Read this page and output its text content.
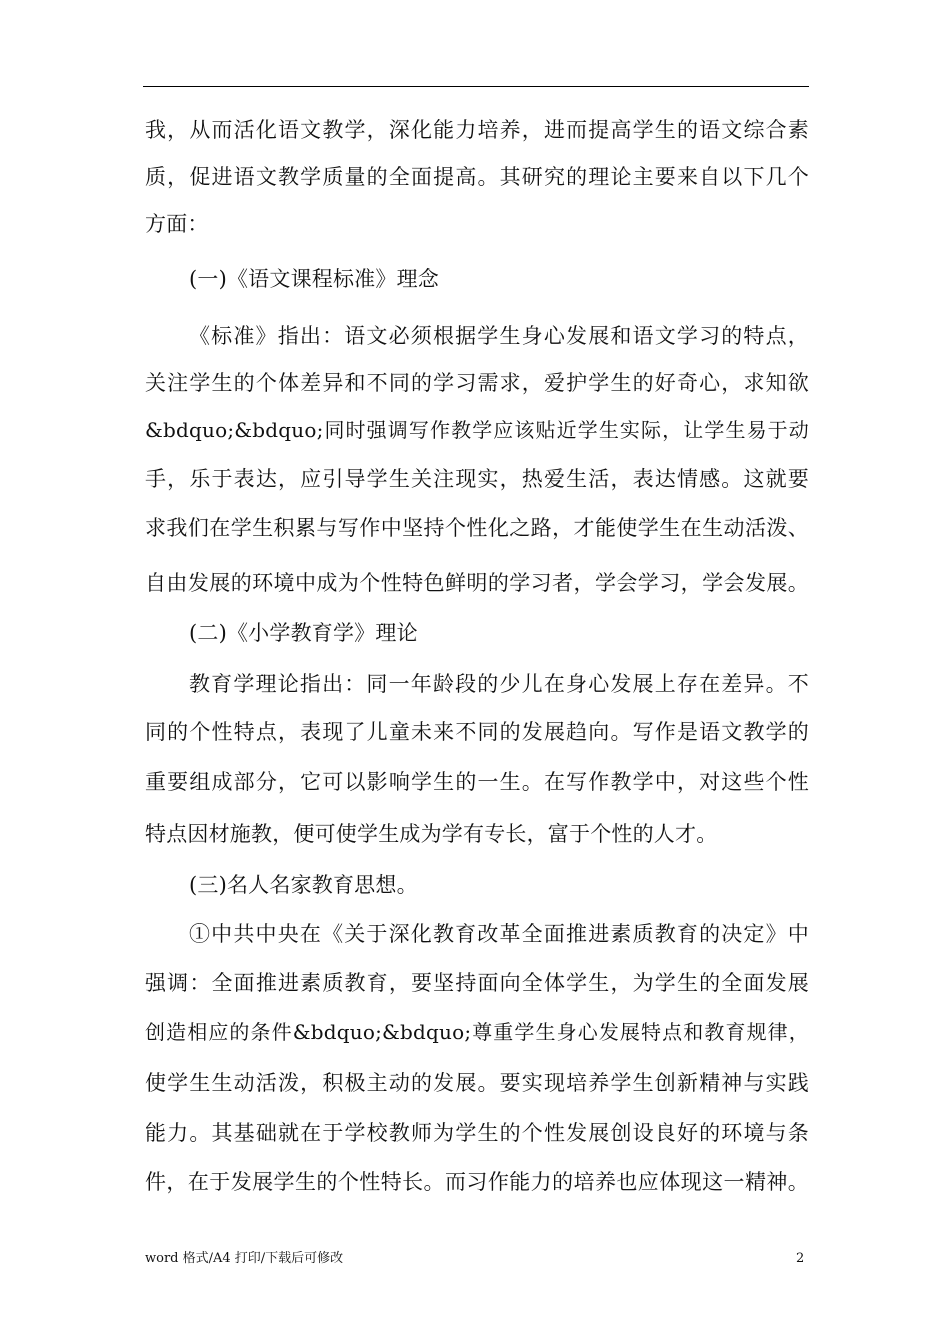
我，从而活化语文教学，深化能力培养，进而提高学生的语文综合素
质，促进语文教学质量的全面提高。其研究的理论主要来自以下几个
方面：
(一)《语文课程标准》理念
《标准》指出：语文必须根据学生身心发展和语文学习的特点，
关注学生的个体差异和不同的学习需求，爱护学生的好奇心，求知欲
&bdquo;&bdquo;同时强调写作教学应该贴近学生实际，让学生易于动
手，乐于表达，应引导学生关注现实，热爱生活，表达情感。这就要
求我们在学生积累与写作中坚持个性化之路，才能使学生在生动活泼、
自由发展的环境中成为个性特色鲜明的学习者，学会学习，学会发展。
(二)《小学教育学》理论
教育学理论指出：同一年龄段的少儿在身心发展上存在差异。不
同的个性特点，表现了儿童未来不同的发展趋向。写作是语文教学的
重要组成部分，它可以影响学生的一生。在写作教学中，对这些个性
特点因材施教，便可使学生成为学有专长，富于个性的人才。
(三)名人名家教育思想。
①中共中央在《关于深化教育改革全面推进素质教育的决定》中
强调：全面推进素质教育，要坚持面向全体学生，为学生的全面发展
创造相应的条件&bdquo;&bdquo;尊重学生身心发展特点和教育规律，
使学生生动活泼，积极主动的发展。要实现培养学生创新精神与实践
能力。其基础就在于学校教师为学生的个性发展创设良好的环境与条
件，在于发展学生的个性特长。而习作能力的培养也应体现这一精神。
word 格式/A4 打印/下载后可修改	2
